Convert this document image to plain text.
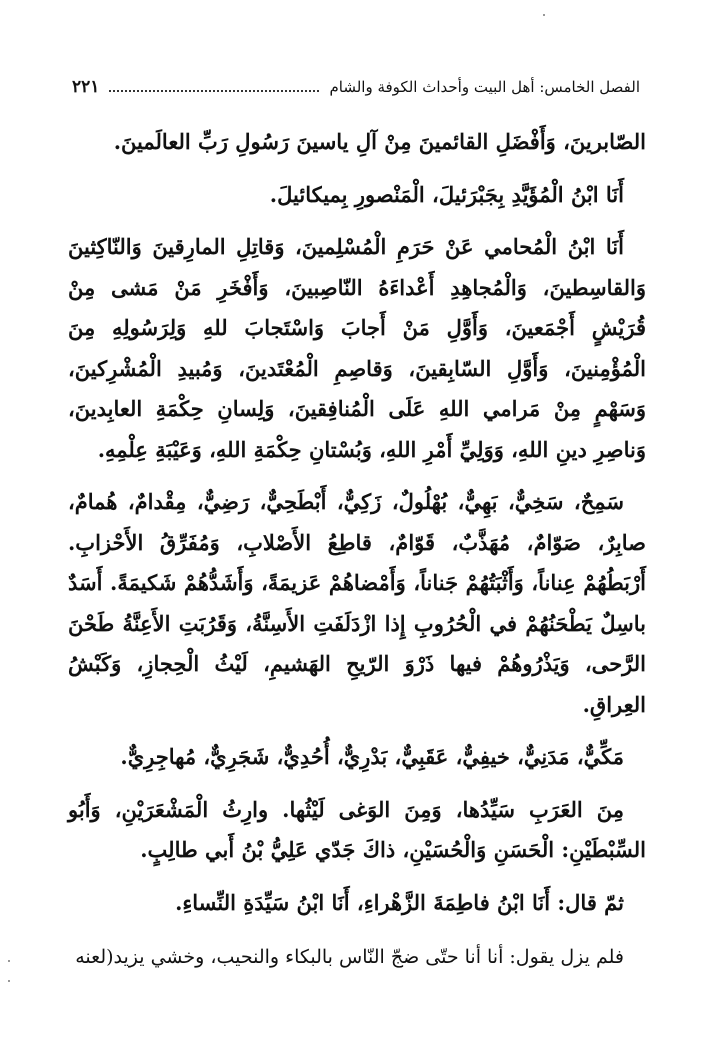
الفصل الخامس: أهل البيت وأحداث الكوفة والشام
٢٢١

الصّابرينَ، وَأَفْضَلِ القائمينَ مِنْ آلِ ياسينَ رَسُولِ رَبِّ العالَمينَ.

أَنَا ابْنُ الْمُؤَيَّدِ بِجَبْرَئيلَ، الْمَنْصورِ بِميكائيلَ.

أَنَا ابْنُ الْمُحامي عَنْ حَرَمِ الْمُسْلِمينَ، وَقاتِلِ المارِقينَ وَالنّاكِثينَ وَالقاسِطينَ، وَالْمُجاهِدِ أَعْداءَهُ النّاصِبينَ، وَأَفْخَرِ مَنْ مَشى مِنْ قُرَيْشٍ أَجْمَعينَ، وَأَوَّلِ مَنْ أَجابَ وَاسْتَجابَ للهِ وَلِرَسُولِهِ مِنَ الْمُؤْمِنينَ، وَأَوَّلِ السّابِقينَ، وَقاصِمِ الْمُعْتَدينَ، وَمُبيدِ الْمُشْرِكينَ، وَسَهْمٍ مِنْ مَرامي اللهِ عَلَى الْمُنافِقينَ، وَلِسانِ حِكْمَةِ العابِدينَ، وَناصِرِ دينِ اللهِ، وَوَلِيِّ أَمْرِ اللهِ، وَبُسْتانِ حِكْمَةِ اللهِ، وَعَيْبَةِ عِلْمِهِ.

سَمِحٌ، سَخِيٌّ، بَهِيٌّ، بُهْلُولٌ، زَكِيٌّ، أَبْطَحِيٌّ، رَضِيٌّ، مِقْدامٌ، هُمامٌ، صابِرٌ، صَوّامٌ، مُهَذَّبٌ، قَوّامٌ، قاطِعُ الأَصْلابِ، وَمُفَرِّقُ الأَحْزابِ. أَرْبَطُهُمْ عِناناً، وَأَثْبَتُهُمْ جَناناً، وَأَمْضاهُمْ عَزيمَةً، وَأَشَدُّهُمْ شَكيمَةً. أَسَدٌ باسِلٌ يَطْحَنُهُمْ في الْحُرُوبِ إِذا ازْدَلَفَتِ الأَسِنَّةُ، وَقَرُبَتِ الأَعِنَّةُ طَحْنَ الرَّحى، وَيَذْرُوهُمْ فيها ذَرْوَ الرّيحِ الهَشيمِ، لَيْثُ الْحِجازِ، وَكَبْشُ العِراقِ.

مَكِّيٌّ، مَدَنِيٌّ، خيفِيٌّ، عَقَبِيٌّ، بَدْرِيٌّ، أُحُدِيٌّ، شَجَرِيٌّ، مُهاجِرِيٌّ.

مِنَ العَرَبِ سَيِّدُها، وَمِنَ الوَغى لَيْثُها. وارِثُ الْمَشْعَرَيْنِ، وَأَبُو السِّبْطَيْنِ: الْحَسَنِ وَالْحُسَيْنِ، ذاكَ جَدّي عَلِيُّ بْنُ أَبي طالِبٍ.

ثمّ قال: أَنَا ابْنُ فاطِمَةَ الزَّهْراءِ، أَنَا ابْنُ سَيِّدَةِ النِّساءِ.

فلم يزل يقول: أنا أنا حتّى ضجّ النّاس بالبكاء والنحيب، وخشي يزيد(لعنه
